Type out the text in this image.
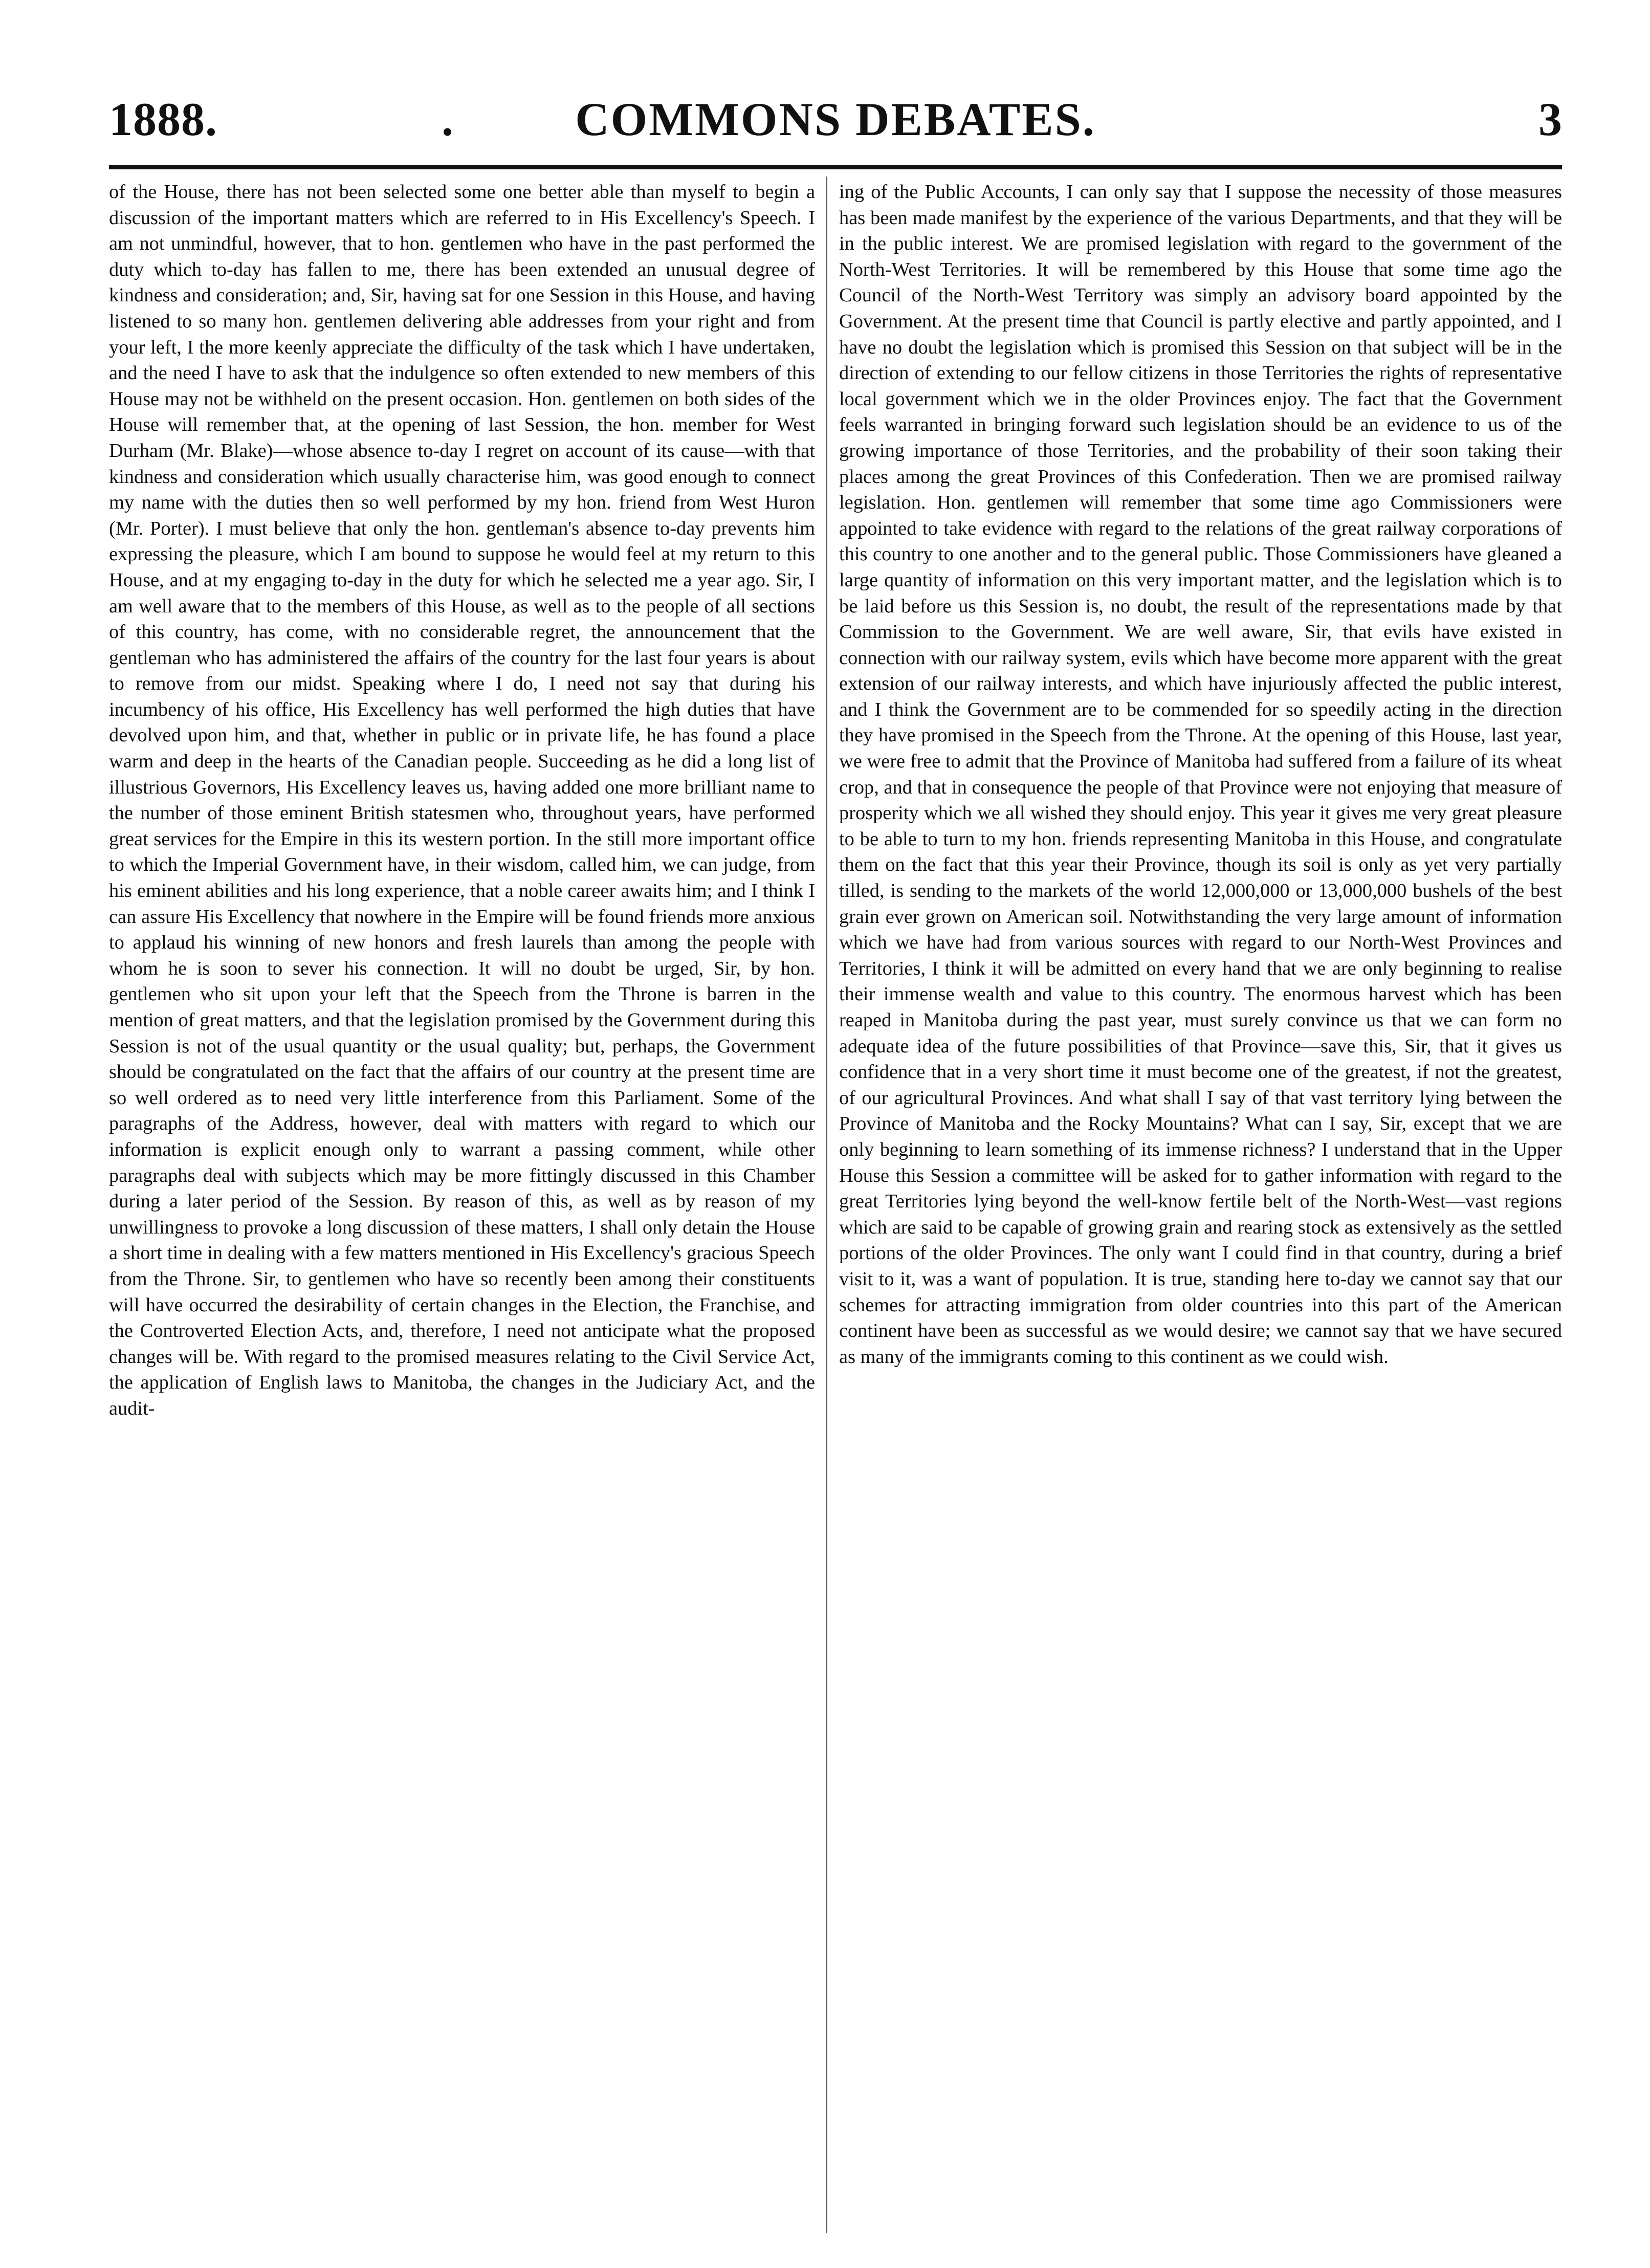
1888.	.	COMMONS DEBATES.	3

of the House, there has not been selected some one better able than myself to begin a discussion of the important matters which are referred to in His Excellency's Speech. I am not unmindful, however, that to hon. gentlemen who have in the past performed the duty which to-day has fallen to me, there has been extended an unusual degree of kindness and consideration; and, Sir, having sat for one Session in this House, and having listened to so many hon. gentlemen delivering able addresses from your right and from your left, I the more keenly appreciate the difficulty of the task which I have undertaken, and the need I have to ask that the indulgence so often extended to new members of this House may not be withheld on the present occasion. Hon. gentlemen on both sides of the House will remember that, at the opening of last Session, the hon. member for West Durham (Mr. Blake)—whose absence to-day I regret on account of its cause—with that kindness and consideration which usually characterise him, was good enough to connect my name with the duties then so well performed by my hon. friend from West Huron (Mr. Porter). I must believe that only the hon. gentleman's absence to-day prevents him expressing the pleasure, which I am bound to suppose he would feel at my return to this House, and at my engaging to-day in the duty for which he selected me a year ago. Sir, I am well aware that to the members of this House, as well as to the people of all sections of this country, has come, with no considerable regret, the announcement that the gentleman who has administered the affairs of the country for the last four years is about to remove from our midst. Speaking where I do, I need not say that during his incumbency of his office, His Excellency has well performed the high duties that have devolved upon him, and that, whether in public or in private life, he has found a place warm and deep in the hearts of the Canadian people. Succeeding as he did a long list of illustrious Governors, His Excellency leaves us, having added one more brilliant name to the number of those eminent British statesmen who, throughout years, have performed great services for the Empire in this its western portion. In the still more important office to which the Imperial Government have, in their wisdom, called him, we can judge, from his eminent abilities and his long experience, that a noble career awaits him; and I think I can assure His Excellency that nowhere in the Empire will be found friends more anxious to applaud his winning of new honors and fresh laurels than among the people with whom he is soon to sever his connection. It will no doubt be urged, Sir, by hon. gentlemen who sit upon your left that the Speech from the Throne is barren in the mention of great matters, and that the legislation promised by the Government during this Session is not of the usual quantity or the usual quality; but, perhaps, the Government should be congratulated on the fact that the affairs of our country at the present time are so well ordered as to need very little interference from this Parliament. Some of the paragraphs of the Address, however, deal with matters with regard to which our information is explicit enough only to warrant a passing comment, while other paragraphs deal with subjects which may be more fittingly discussed in this Chamber during a later period of the Session. By reason of this, as well as by reason of my unwillingness to provoke a long discussion of these matters, I shall only detain the House a short time in dealing with a few matters mentioned in His Excellency's gracious Speech from the Throne. Sir, to gentlemen who have so recently been among their constituents will have occurred the desirability of certain changes in the Election, the Franchise, and the Controverted Election Acts, and, therefore, I need not anticipate what the proposed changes will be. With regard to the promised measures relating to the Civil Service Act, the application of English laws to Manitoba, the changes in the Judiciary Act, and the audit-

ing of the Public Accounts, I can only say that I suppose the necessity of those measures has been made manifest by the experience of the various Departments, and that they will be in the public interest. We are promised legislation with regard to the government of the North-West Territories. It will be remembered by this House that some time ago the Council of the North-West Territory was simply an advisory board appointed by the Government. At the present time that Council is partly elective and partly appointed, and I have no doubt the legislation which is promised this Session on that subject will be in the direction of extending to our fellow citizens in those Territories the rights of representative local government which we in the older Provinces enjoy. The fact that the Government feels warranted in bringing forward such legislation should be an evidence to us of the growing importance of those Territories, and the probability of their soon taking their places among the great Provinces of this Confederation. Then we are promised railway legislation. Hon. gentlemen will remember that some time ago Commissioners were appointed to take evidence with regard to the relations of the great railway corporations of this country to one another and to the general public. Those Commissioners have gleaned a large quantity of information on this very important matter, and the legislation which is to be laid before us this Session is, no doubt, the result of the representations made by that Commission to the Government. We are well aware, Sir, that evils have existed in connection with our railway system, evils which have become more apparent with the great extension of our railway interests, and which have injuriously affected the public interest, and I think the Government are to be commended for so speedily acting in the direction they have promised in the Speech from the Throne. At the opening of this House, last year, we were free to admit that the Province of Manitoba had suffered from a failure of its wheat crop, and that in consequence the people of that Province were not enjoying that measure of prosperity which we all wished they should enjoy. This year it gives me very great pleasure to be able to turn to my hon. friends representing Manitoba in this House, and congratulate them on the fact that this year their Province, though its soil is only as yet very partially tilled, is sending to the markets of the world 12,000,000 or 13,000,000 bushels of the best grain ever grown on American soil. Notwithstanding the very large amount of information which we have had from various sources with regard to our North-West Provinces and Territories, I think it will be admitted on every hand that we are only beginning to realise their immense wealth and value to this country. The enormous harvest which has been reaped in Manitoba during the past year, must surely convince us that we can form no adequate idea of the future possibilities of that Province—save this, Sir, that it gives us confidence that in a very short time it must become one of the greatest, if not the greatest, of our agricultural Provinces. And what shall I say of that vast territory lying between the Province of Manitoba and the Rocky Mountains? What can I say, Sir, except that we are only beginning to learn something of its immense richness? I understand that in the Upper House this Session a committee will be asked for to gather information with regard to the great Territories lying beyond the well-know fertile belt of the North-West—vast regions which are said to be capable of growing grain and rearing stock as extensively as the settled portions of the older Provinces. The only want I could find in that country, during a brief visit to it, was a want of population. It is true, standing here to-day we cannot say that our schemes for attracting immigration from older countries into this part of the American continent have been as successful as we would desire; we cannot say that we have secured as many of the immigrants coming to this continent as we could wish.
